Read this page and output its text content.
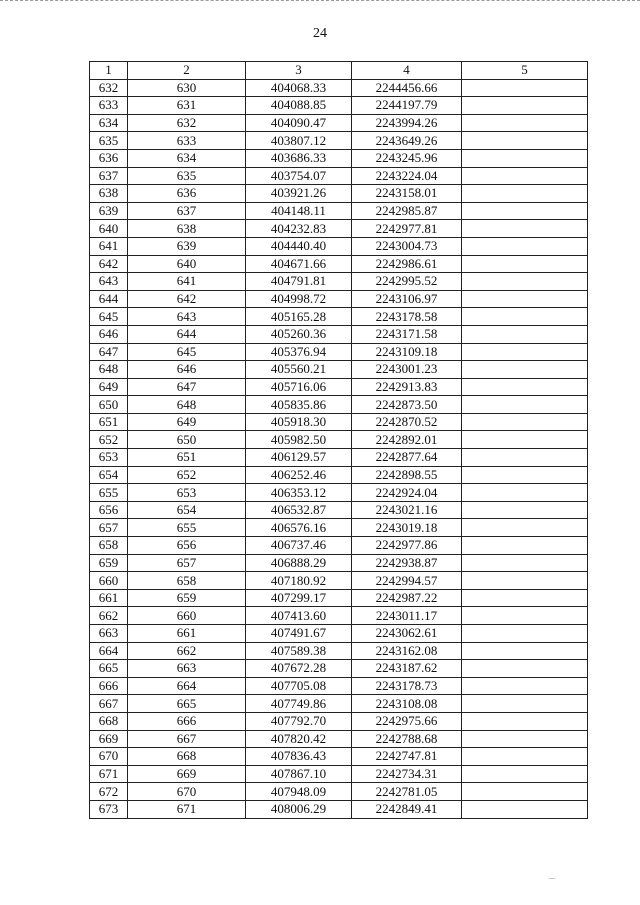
24
1	2	3	4	5
632	630	404068.33	2244456.66	
633	631	404088.85	2244197.79	
634	632	404090.47	2243994.26	
635	633	403807.12	2243649.26	
636	634	403686.33	2243245.96	
637	635	403754.07	2243224.04	
638	636	403921.26	2243158.01	
639	637	404148.11	2242985.87	
640	638	404232.83	2242977.81	
641	639	404440.40	2243004.73	
642	640	404671.66	2242986.61	
643	641	404791.81	2242995.52	
644	642	404998.72	2243106.97	
645	643	405165.28	2243178.58	
646	644	405260.36	2243171.58	
647	645	405376.94	2243109.18	
648	646	405560.21	2243001.23	
649	647	405716.06	2242913.83	
650	648	405835.86	2242873.50	
651	649	405918.30	2242870.52	
652	650	405982.50	2242892.01	
653	651	406129.57	2242877.64	
654	652	406252.46	2242898.55	
655	653	406353.12	2242924.04	
656	654	406532.87	2243021.16	
657	655	406576.16	2243019.18	
658	656	406737.46	2242977.86	
659	657	406888.29	2242938.87	
660	658	407180.92	2242994.57	
661	659	407299.17	2242987.22	
662	660	407413.60	2243011.17	
663	661	407491.67	2243062.61	
664	662	407589.38	2243162.08	
665	663	407672.28	2243187.62	
666	664	407705.08	2243178.73	
667	665	407749.86	2243108.08	
668	666	407792.70	2242975.66	
669	667	407820.42	2242788.68	
670	668	407836.43	2242747.81	
671	669	407867.10	2242734.31	
672	670	407948.09	2242781.05	
673	671	408006.29	2242849.41	
